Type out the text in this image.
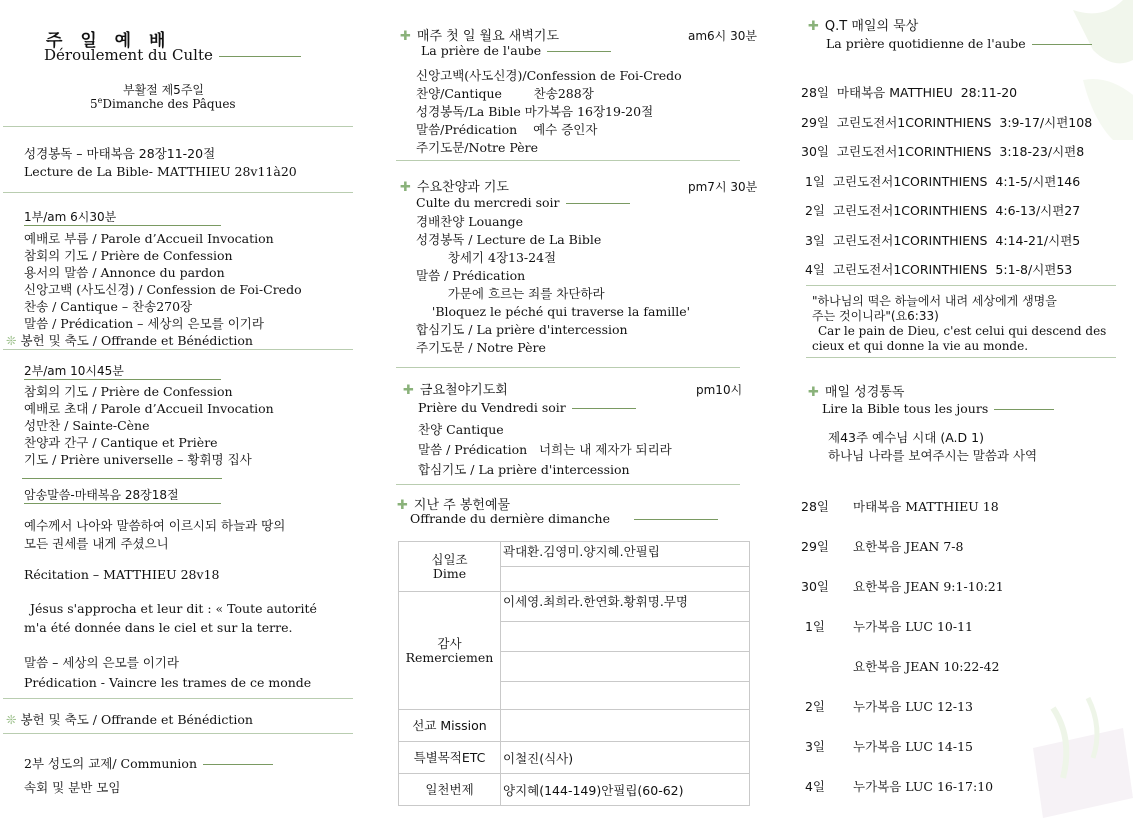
주 일 예 배
Déroulement du Culte
부활절 제5주일
5eDimanche des Pâques
성경봉독 – 마태복음 28장11-20절
Lecture de La Bible- MATTHIEU 28v11à20
1부/am 6시30분
예배로 부름 / Parole d’Accueil Invocation
참회의 기도 / Prière de Confession
용서의 말씀 / Annonce du pardon
신앙고백 (사도신경) / Confession de Foi-Credo
찬송 / Cantique – 찬송270장
말씀 / Prédication – 세상의 은모를 이기라
❊ 봉헌 및 축도 / Offrande et Bénédiction
2부/am 10시45분
참회의 기도 / Prière de Confession
예배로 초대 / Parole d’Accueil Invocation
성만찬 / Sainte-Cène
찬양과 간구 / Cantique et Prière
기도 / Prière universelle – 황휘명 집사
암송말씀-마태복음 28장18절
예수께서 나아와 말씀하여 이르시되 하늘과 땅의
모든 권세를 내게 주셨으니
Récitation – MATTHIEU 28v18
Jésus s'approcha et leur dit : « Toute autorité
m'a été donnée dans le ciel et sur la terre.
말씀 – 세상의 은모를 이기라
Prédication - Vaincre les trames de ce monde
❊ 봉헌 및 축도 / Offrande et Bénédiction
2부 성도의 교제/ Communion
속회 및 분반 모임
✚ 매주 첫 일 월요 새벽기도	am6시 30분
La prière de l'aube
신앙고백(사도신경)/Confession de Foi-Credo
찬양/Cantique        찬송288장
성경봉독/La Bible 마가복음 16장19-20절
말씀/Prédication    예수 증인자
주기도문/Notre Père
✚ 수요찬양과 기도	pm7시 30분
Culte du mercredi soir
경배찬양 Louange
성경봉독 / Lecture de La Bible
창세기 4장13-24절
말씀 / Prédication
가문에 흐르는 죄를 차단하라
'Bloquez le péché qui traverse la famille'
합심기도 / La prière d'intercession
주기도문 / Notre Père
✚ 금요철야기도회	pm10시
Prière du Vendredi soir
찬양 Cantique
말씀 / Prédication   너희는 내 제자가 되리라
합심기도 / La prière d'intercession
✚ 지난 주 봉헌예물
Offrande du dernière dimanche
십일조
Dime	곽대환.김영미.양지혜.안필립

감사
Remerciemen	이세영.최희라.한연화.황휘명.무명

선교 Mission	
특별목적ETC	이철진(식사)
일천번제	양지혜(144-149)안필립(60-62)
✚ Q.T 매일의 묵상
La prière quotidienne de l'aube
28일  마태복음 MATTHIEU  28:11-20
29일  고린도전서1CORINTHIENS  3:9-17/시편108
30일  고린도전서1CORINTHIENS  3:18-23/시편8
1일  고린도전서1CORINTHIENS  4:1-5/시편146
2일  고린도전서1CORINTHIENS  4:6-13/시편27
3일  고린도전서1CORINTHIENS  4:14-21/시편5
4일  고린도전서1CORINTHIENS  5:1-8/시편53
"하나님의 떡은 하늘에서 내려 세상에게 생명을
주는 것이니라"(요6:33)
Car le pain de Dieu, c'est celui qui descend des
cieux et qui donne la vie au monde.
✚ 매일 성경통독
Lire la Bible tous les jours
제43주 예수님 시대 (A.D 1)
하나님 나라를 보여주시는 말씀과 사역
28일 마태복음 MATTHIEU 18
29일 요한복음 JEAN 7-8
30일 요한복음 JEAN 9:1-10:21
1일 누가복음 LUC 10-11
요한복음 JEAN 10:22-42
2일 누가복음 LUC 12-13
3일 누가복음 LUC 14-15
4일 누가복음 LUC 16-17:10
